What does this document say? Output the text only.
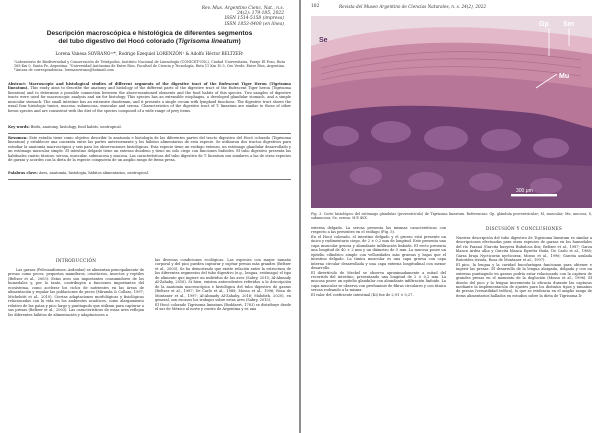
Rev. Mus. Argentino Cienc. Nat., n.s.
24(2): 179-185, 2022
ISSN 1514-5158 (impresa)
ISSN 1853-0400 (en línea)
Descripción macroscópica e histológica de diferentes segmentos
del tubo digestivo del Hocó colorado (Tigrisoma lineatum)
Lorena Vanesa SOVRANO¹²*, Rodrigo Ezequiel LORENZÓN¹ & Adolfo Héctor BELTZER¹
¹Laboratorio de Biodiversidad y Conservación de Tetrápodos, Instituto Nacional de Limnología (CONICET-UNL), Ciudad Universitaria, Paraje El Pozo, Ruta 168 Km 0, Santa Fe, Argentina. ²Universidad Autónoma de Entre Ríos, Facultad de Ciencia y Tecnología, Ruta 11 Km 10.5, Oro Verde, Entre Ríos, Argentina. *Autora de correspondencia: lorenasovrano@hotmail.com
Abstract: Macroscopic and histological studies of different segments of the digestive tract of the Rufescent Tiger Heron (Tigrisoma lineatum). This study aims to describe the anatomy and histology of the different parts of the digestive tract of the Rufescent Tiger heron (Tigrisoma lineatum) and to determine a possible connection between the above-mentioned elements and the food habits of this species. Two samples of digestive tracts were used for macroscopic analysis and six for histology. This species has an extensible esophagus, a developed glandular stomach, and a simple muscular stomach. The small intestine has an extensive duodenum, and it presents a single cecum with lymphoid functions. The digestive tract shows the usual four histologic tunics, mucosa, submucosa, muscular and serosa. Characteristics of the digestive tract of T. lineatum are similar to those of other heron species and are consistent with the diet of the species composed of a wide range of prey items.
Key words: Birds, anatomy, histology, food habits, neotropical.
Resumen: Este estudio tiene como objetivo describir la anatomía e histología de las diferentes partes del tracto digestivo del Hocó colorado (Tigrisoma lineatum) y establecer una conexión entre las partes anteriormente y los hábitos alimentarios de esta especie. Se utilizaron dos tractos digestivos para estudiar la anatomía macroscópica y seis para los observaciones histológicas. Esta especie tiene un esófago extenso, un estómago glandular desarrollado y un estómago muscular simple. El intestino delgado tiene un extenso duodeno y tiene un solo ciego con funciones linfoides. El tubo digestivo presenta las habituales cuatro túnicas: serosa, muscular, submucosa y mucosa. Las características del tubo digestivo de T. lineatum son similares a las de otras especies de garzas y acordes con la dieta de la especie compuesta de un amplio rango de ítems presa.
Palabras clave: Aves, anatomía, histología, hábitos alimentarios, neotropical.
INTRODUCCIÓN
Las garzas (Pelecaniformes: Ardeidae) se alimentan principalmente de presas como peces, pequeños mamíferos, crustáceos, insectos y reptiles (Beltzer et al., 2003). Estas aves son importantes consumidores de los humedales y, por lo tanto, contribuyen a funciones importantes del ecosistema, como acelerar los ciclos de nutrientes en las áreas de alimentación y regular las poblaciones de peces (Miranda & Collazo, 1997; Michelutti et al., 2010). Ciertas adaptaciones morfológicas y fisiológicas relacionadas con la vida en los ambientes acuáticos, como alargamiento relativo de las patas y pico largo y puntiagudo que utilizan para capturar a sus presas (Beltzer et al., 2003). Las características de estas aves reflejan los diferentes hábitos de alimentación y adaptaciones a
las diversas condiciones ecológicas. Las especies con mayor tamaño corporal y del pico pueden capturar y sujetar presas más grandes (Beltzer et al., 2003). Se ha demostrado que existe relación entre la estructura de los diferentes segmentos del tubo digestivo (e.g., lengua, estómago) el tipo de alimento que ingiere un individuo de las aves (Sabry, 2015; Al-Ahmady Al-Zahaby, 2016). Si bien, existen antecedentes referidos a la descripción de la anatomía macroscópica e histológica del tubo digestivo de garzas (Beltzer et al., 1987; De Carlo et al., 1988; Mosso et al., 1996; Rosa de Montaner et al., 1997; Al-Ahmady Al-Zahaby, 2016; Mahdieh, 2020), en general, son escasos los trabajos sobre estas aves (Sabry, 2015).
El Hocó colorado Tigrisoma lineatum (Boddaert, 1783) se distribuye desde el sur de México al norte y centro de Argentina y es una
182	Revista del Museo Argentino de Ciencias Naturales, n. s. 24(2), 2022
Gp Sm
Mu
Se
300 μm
Fig. 3. Corte histológico del estómago glandular (proventrículo) de Tigrisoma lineatum. Referencias: Gp, glándula proventricular; M, muscular; Mu, mucosa; S, submucosa; Se, serosa. H-E 40X.
externa delgada. La serosa presenta las mismas características con respecto a las presentes en el esófago (Fig. 5).
En el Hocó colorado, el intestino delgado y el grueso está presente un único y rudimentario ciego, de 2 ± 0,2 mm de longitud. Este presenta una capa muscular gruesa y abundante infiltración linfoide. El recto presenta una longitud de 40 ± 2 mm y un diámetro de 5 mm. La mucosa posee un epitelio cilíndrico simple con vellosidades más gruesas y bajas que el intestino delgado. La túnica muscular es una capa gruesa con capa interna circular desarrollada y una capa externa longitudinal con menor desarrollo.
El divertículo de Meckel se observa aproximadamente a mitad del recorrido del intestino, presentando una longitud de 2 ± 0,2 mm. La mucosa posee un epitelio glandular con abundante infiltración linfoide. La capa muscular se observa con predominio de fibras circulares y con túnica serosa rodeando a la misma.
El valor del coeficiente intestinal (Ki) fue de 2,91 ± 0,27.
DISCUSIÓN Y CONCLUSIONES
Nuestra descripción del tubo digestivo de Tigrisoma lineatum es similar a descripciones efectuadas para otras especies de garzas en los humedales del río Paraná (Garcita bueyera Bubulcus ibis; Beltzer et al., 1987; Garza blanca Ardea alba y Garcita blanca Egretta thula; De Carlo et al., 1988; Garza bruja Nycticorax nycticorax, Mosso et al., 1996; Garcita azulada Butorides striata, Rosa de Montaner et al., 1997).
El pico, la lengua y la cavidad bucofaríngea funcionan para obtener e ingerir las presas. El desarrollo de la lengua alargada, delgada y con un extremo puntiagudo en garzas podría estar relacionado con la captura de grandes presas en el momento de la deglución (Mosso et al., 1996). El diseño del pico y la lengua incrementa la eficacia durante las capturas mediante la implementación de ajustes para los distintos tipos y tamaños de presas (versatilidad trófica), lo que se evidencia en el amplio rango de ítems alimentarios hallados en estudios sobre la dieta de Tigrisoma li-
